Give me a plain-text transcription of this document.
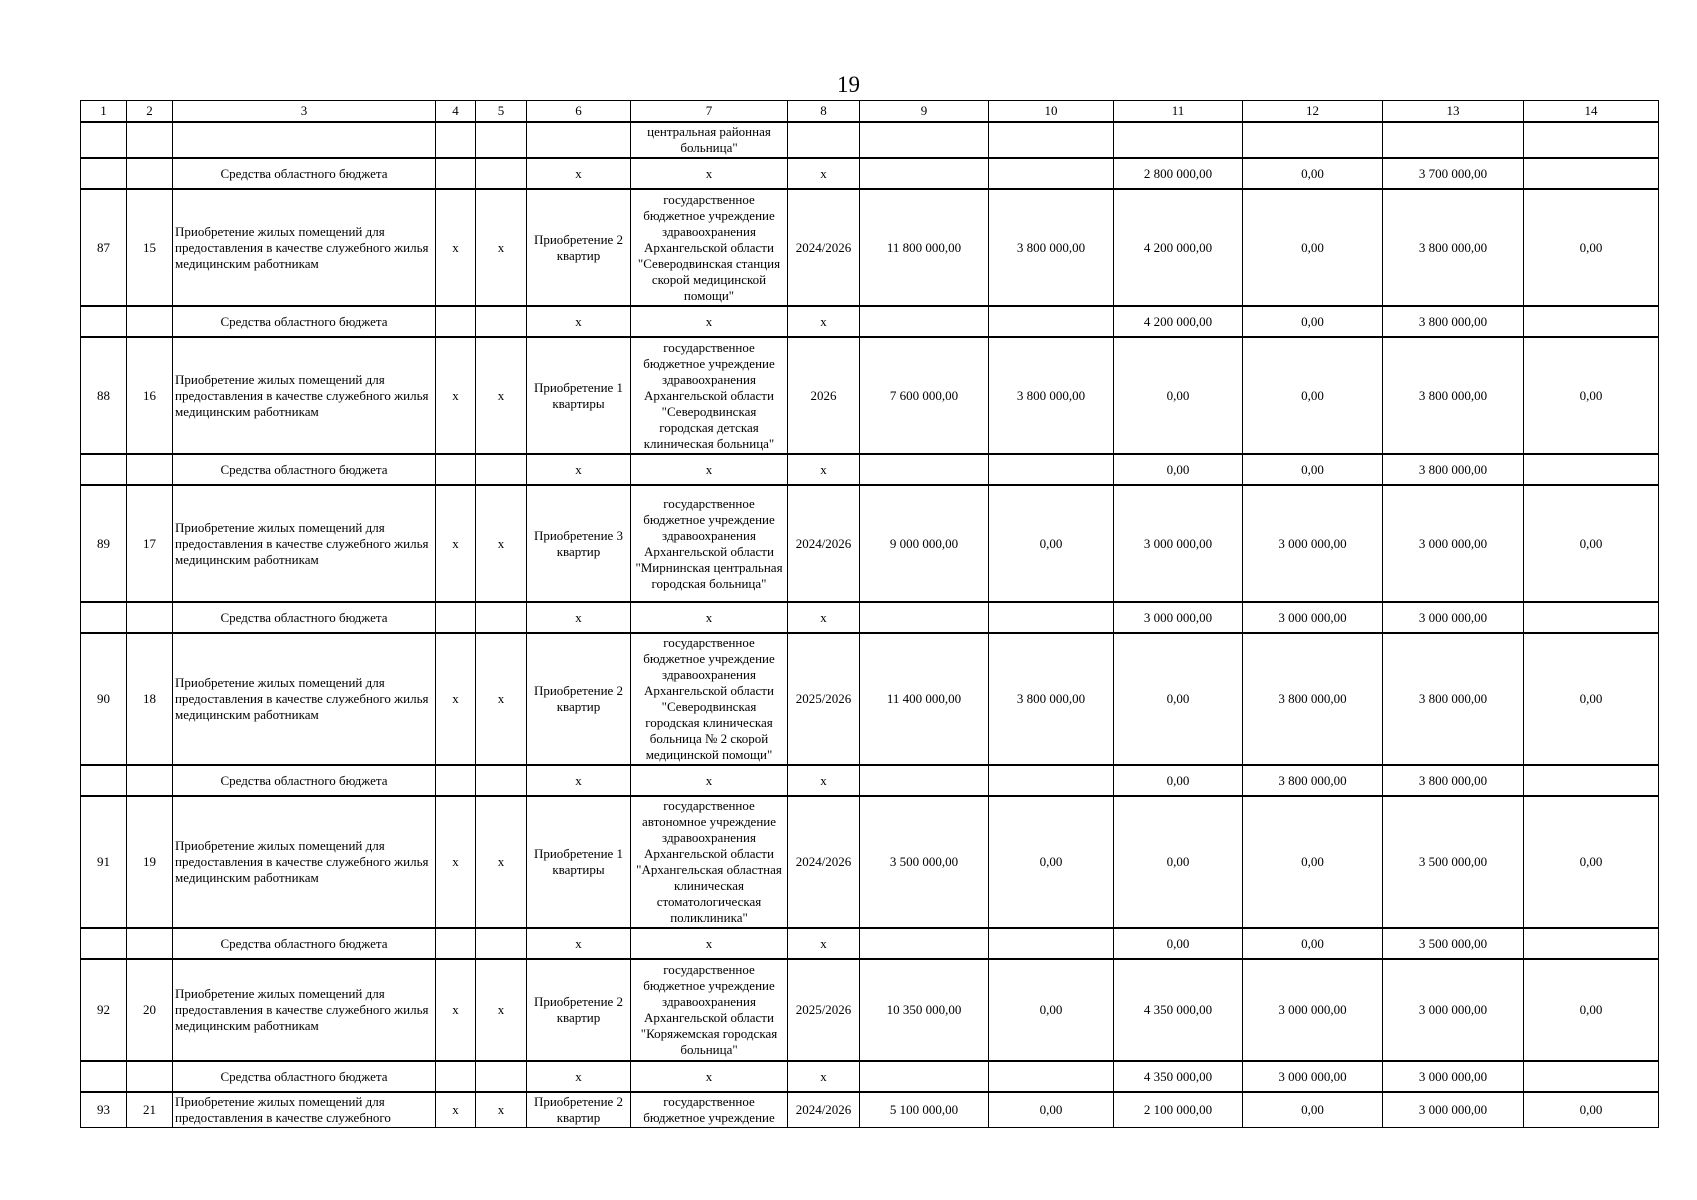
19
1	2	3	4	5	6	7	8	9	10	11	12	13	14
						центральная районная больница"							
		Средства областного бюджета			х	х	х			2 800 000,00	0,00	3 700 000,00	
87	15	Приобретение жилых помещений для предоставления в качестве служебного жилья медицинским работникам	х	х	Приобретение 2 квартир	государственное бюджетное учреждение здравоохранения Архангельской области "Северодвинская станция скорой медицинской помощи"	2024/2026	11 800 000,00	3 800 000,00	4 200 000,00	0,00	3 800 000,00	0,00
		Средства областного бюджета			х	х	х			4 200 000,00	0,00	3 800 000,00	
88	16	Приобретение жилых помещений для предоставления в качестве служебного жилья медицинским работникам	х	х	Приобретение 1 квартиры	государственное бюджетное учреждение здравоохранения Архангельской области "Северодвинская городская детская клиническая больница"	2026	7 600 000,00	3 800 000,00	0,00	0,00	3 800 000,00	0,00
		Средства областного бюджета			х	х	х			0,00	0,00	3 800 000,00	
89	17	Приобретение жилых помещений для предоставления в качестве служебного жилья медицинским работникам	х	х	Приобретение 3 квартир	государственное бюджетное учреждение здравоохранения Архангельской области "Мирнинская центральная городская больница"	2024/2026	9 000 000,00	0,00	3 000 000,00	3 000 000,00	3 000 000,00	0,00
		Средства областного бюджета			х	х	х			3 000 000,00	3 000 000,00	3 000 000,00	
90	18	Приобретение жилых помещений для предоставления в качестве служебного жилья медицинским работникам	х	х	Приобретение 2 квартир	государственное бюджетное учреждение здравоохранения Архангельской области "Северодвинская городская клиническая больница № 2 скорой медицинской помощи"	2025/2026	11 400 000,00	3 800 000,00	0,00	3 800 000,00	3 800 000,00	0,00
		Средства областного бюджета			х	х	х			0,00	3 800 000,00	3 800 000,00	
91	19	Приобретение жилых помещений для предоставления в качестве служебного жилья медицинским работникам	х	х	Приобретение 1 квартиры	государственное автономное учреждение здравоохранения Архангельской области "Архангельская областная клиническая стоматологическая поликлиника"	2024/2026	3 500 000,00	0,00	0,00	0,00	3 500 000,00	0,00
		Средства областного бюджета			х	х	х			0,00	0,00	3 500 000,00	
92	20	Приобретение жилых помещений для предоставления в качестве служебного жилья медицинским работникам	х	х	Приобретение 2 квартир	государственное бюджетное учреждение здравоохранения Архангельской области "Коряжемская городская больница"	2025/2026	10 350 000,00	0,00	4 350 000,00	3 000 000,00	3 000 000,00	0,00
		Средства областного бюджета			х	х	х			4 350 000,00	3 000 000,00	3 000 000,00	
93	21	Приобретение жилых помещений для предоставления в качестве служебного	х	х	Приобретение 2 квартир	государственное бюджетное учреждение	2024/2026	5 100 000,00	0,00	2 100 000,00	0,00	3 000 000,00	0,00
